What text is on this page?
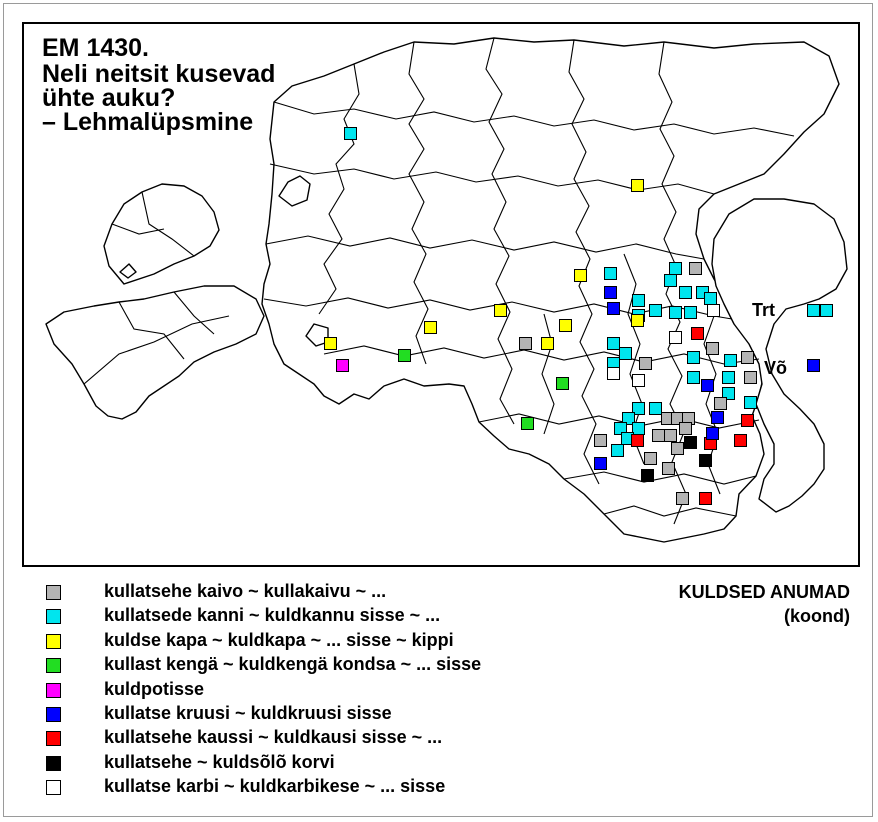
EM 1430.
Neli neitsit kusevad
ühte auku?
– Lehmalüpsmine
Trt
Võ
kullatsehe kaivo ~ kullakaivu ~ ...
kullatsede kanni ~ kuldkannu sisse ~ ...
kuldse kapa ~ kuldkapa ~ ... sisse ~ kippi
kullast kengä ~ kuldkengä kondsa ~ ... sisse
kuldpotisse
kullatse kruusi ~ kuldkruusi sisse
kullatsehe kaussi ~ kuldkausi sisse ~ ...
kullatsehe ~ kuldsõlõ korvi
kullatse karbi ~ kuldkarbikese ~ ... sisse
KULDSED ANUMAD
(koond)
